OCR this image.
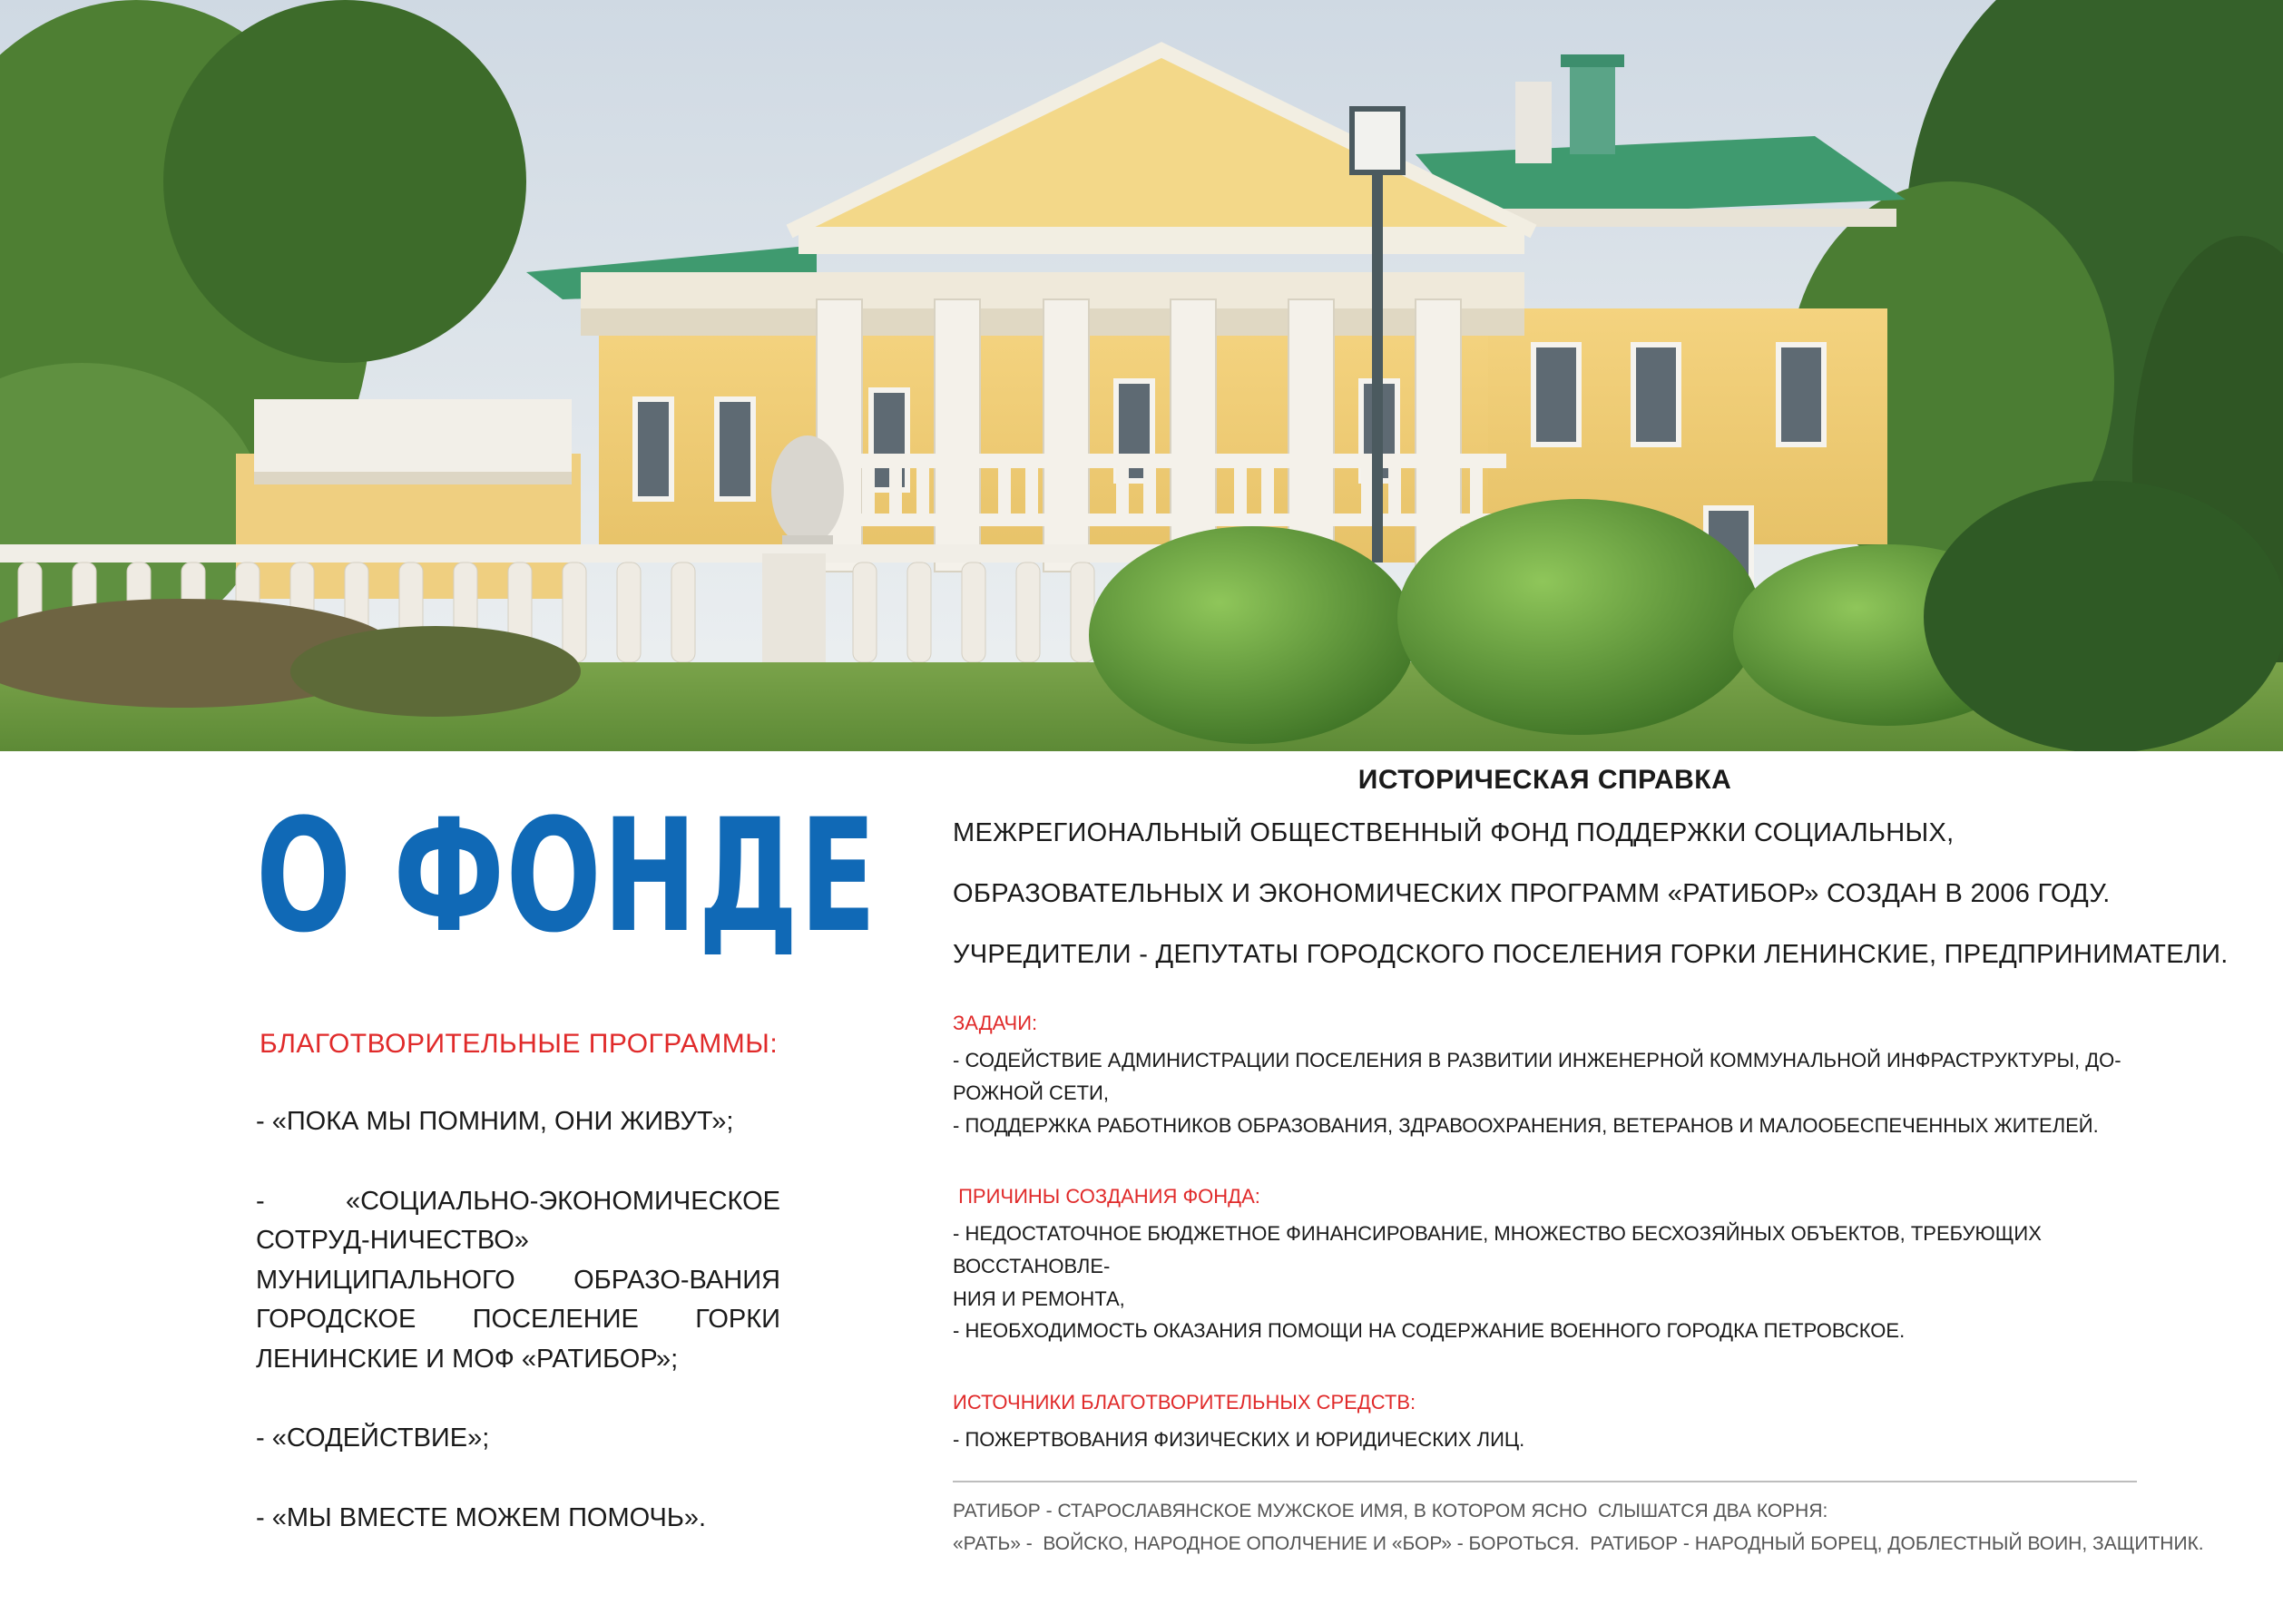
О ФОНДЕ
БЛАГОТВОРИТЕЛЬНЫЕ ПРОГРАММЫ:
- «ПОКА МЫ ПОМНИМ, ОНИ ЖИВУТ»;
- «СОЦИАЛЬНО-ЭКОНОМИЧЕСКОЕ СОТРУД-НИЧЕСТВО» МУНИЦИПАЛЬНОГО ОБРАЗО-ВАНИЯ ГОРОДСКОЕ ПОСЕЛЕНИЕ ГОРКИ ЛЕНИНСКИЕ И МОФ «РАТИБОР»;
- «СОДЕЙСТВИЕ»;
- «МЫ ВМЕСТЕ МОЖЕМ ПОМОЧЬ».
ИСТОРИЧЕСКАЯ СПРАВКА
МЕЖРЕГИОНАЛЬНЫЙ ОБЩЕСТВЕННЫЙ ФОНД ПОДДЕРЖКИ СОЦИАЛЬНЫХ,
ОБРАЗОВАТЕЛЬНЫХ И ЭКОНОМИЧЕСКИХ ПРОГРАММ «РАТИБОР» СОЗДАН В 2006 ГОДУ.
УЧРЕДИТЕЛИ - ДЕПУТАТЫ ГОРОДСКОГО ПОСЕЛЕНИЯ ГОРКИ ЛЕНИНСКИЕ, ПРЕДПРИНИМАТЕЛИ.
ЗАДАЧИ:

- СОДЕЙСТВИЕ АДМИНИСТРАЦИИ ПОСЕЛЕНИЯ В РАЗВИТИИ ИНЖЕНЕРНОЙ КОММУНАЛЬНОЙ ИНФРАСТРУКТУРЫ, ДО-

РОЖНОЙ СЕТИ,

- ПОДДЕРЖКА РАБОТНИКОВ ОБРАЗОВАНИЯ, ЗДРАВООХРАНЕНИЯ, ВЕТЕРАНОВ И МАЛООБЕСПЕЧЕННЫХ ЖИТЕЛЕЙ.

ПРИЧИНЫ СОЗДАНИЯ ФОНДА:

- НЕДОСТАТОЧНОЕ БЮДЖЕТНОЕ ФИНАНСИРОВАНИЕ, МНОЖЕСТВО БЕСХОЗЯЙНЫХ ОБЪЕКТОВ, ТРЕБУЮЩИХ ВОССТАНОВЛЕ-

НИЯ И РЕМОНТА,

- НЕОБХОДИМОСТЬ ОКАЗАНИЯ ПОМОЩИ НА СОДЕРЖАНИЕ ВОЕННОГО ГОРОДКА ПЕТРОВСКОЕ.

ИСТОЧНИКИ БЛАГОТВОРИТЕЛЬНЫХ СРЕДСТВ:

- ПОЖЕРТВОВАНИЯ ФИЗИЧЕСКИХ И ЮРИДИЧЕСКИХ ЛИЦ.

РАТИБОР - СТАРОСЛАВЯНСКОЕ МУЖСКОЕ ИМЯ, В КОТОРОМ ЯСНО  СЛЫШАТСЯ ДВА КОРНЯ:

«РАТЬ» -  ВОЙСКО, НАРОДНОЕ ОПОЛЧЕНИЕ И «БОР» - БОРОТЬСЯ.  РАТИБОР - НАРОДНЫЙ БОРЕЦ, ДОБЛЕСТНЫЙ ВОИН, ЗАЩИТНИК.
